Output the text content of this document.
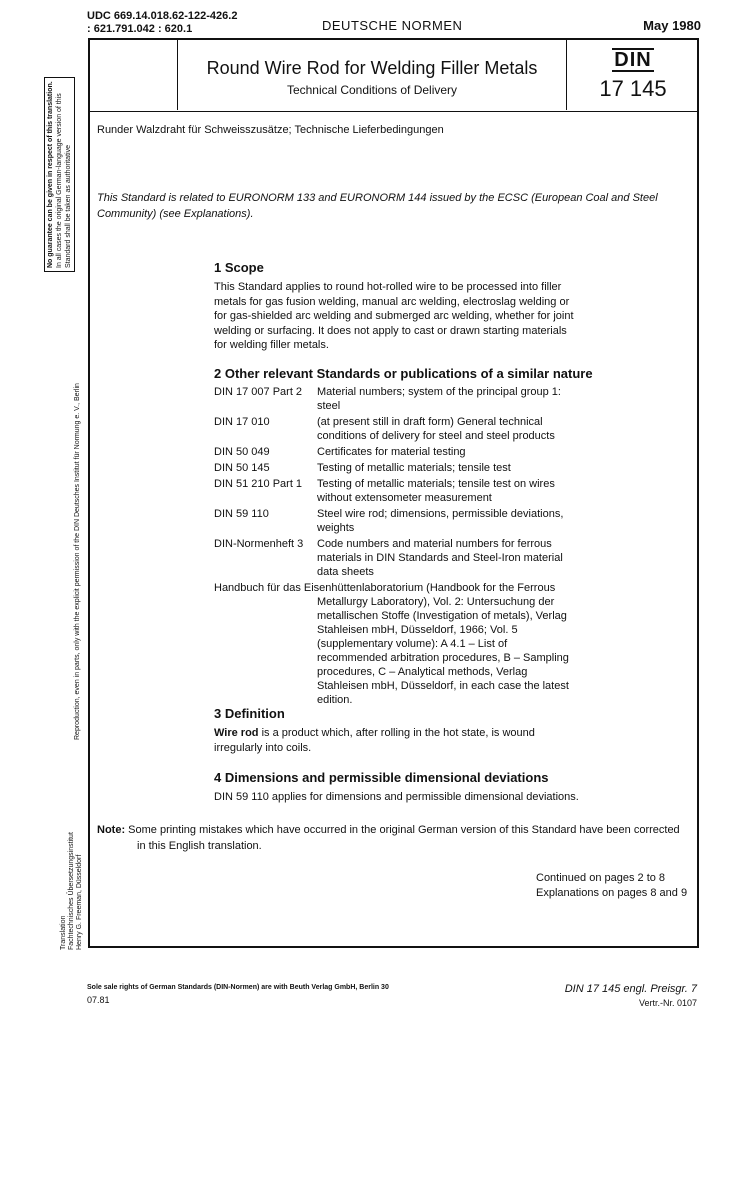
UDC 669.14.018.62-122-426.2
: 621.791.042 : 620.1	DEUTSCHE NORMEN	May 1980
Round Wire Rod for Welding Filler Metals
Technical Conditions of Delivery
DIN
17 145
No guarantee can be given in respect of this translation. In all cases the original German-language version of this Standard shall be taken as authoritative
Reproduction, even in parts, only with the explicit permission of the DIN Deutsches Institut für Normung e. V., Berlin
Translation Fachtechnisches Übersetzungsinstitut Henry G. Freeman, Düsseldorf
Runder Walzdraht für Schweisszusätze; Technische Lieferbedingungen
This Standard is related to EURONORM 133 and EURONORM 144 issued by the ECSC (European Coal and Steel Community) (see Explanations).
1 Scope
This Standard applies to round hot-rolled wire to be processed into filler metals for gas fusion welding, manual arc welding, electroslag welding or for gas-shielded arc welding and submerged arc welding, whether for joint welding or surfacing. It does not apply to cast or drawn starting materials for welding filler metals.
2 Other relevant Standards or publications of a similar nature
DIN 17 007 Part 2	Material numbers; system of the principal group 1: steel
DIN 17 010	(at present still in draft form) General technical conditions of delivery for steel and steel products
DIN 50 049	Certificates for material testing
DIN 50 145	Testing of metallic materials; tensile test
DIN 51 210 Part 1	Testing of metallic materials; tensile test on wires without extensometer measurement
DIN 59 110	Steel wire rod; dimensions, permissible deviations, weights
DIN-Normenheft 3	Code numbers and material numbers for ferrous materials in DIN Standards and Steel-Iron material data sheets
Handbuch für das Eisenhüttenlaboratorium (Handbook for the Ferrous
Metallurgy Laboratory), Vol. 2: Untersuchung der metallischen Stoffe (Investigation of metals), Verlag Stahleisen mbH, Düsseldorf, 1966; Vol. 5 (supplementary volume): A 4.1 – List of recommended arbitration procedures, B – Sampling procedures, C – Analytical methods, Verlag Stahleisen mbH, Düsseldorf, in each case the latest edition.
3 Definition
Wire rod is a product which, after rolling in the hot state, is wound irregularly into coils.
4 Dimensions and permissible dimensional deviations
DIN 59 110 applies for dimensions and permissible dimensional deviations.
Note: Some printing mistakes which have occurred in the original German version of this Standard have been corrected
in this English translation.
Continued on pages 2 to 8
Explanations on pages 8 and 9
Sole sale rights of German Standards (DIN-Normen) are with Beuth Verlag GmbH, Berlin 30
07.81
DIN 17 145 engl. Preisgr. 7
Vertr.-Nr. 0107
